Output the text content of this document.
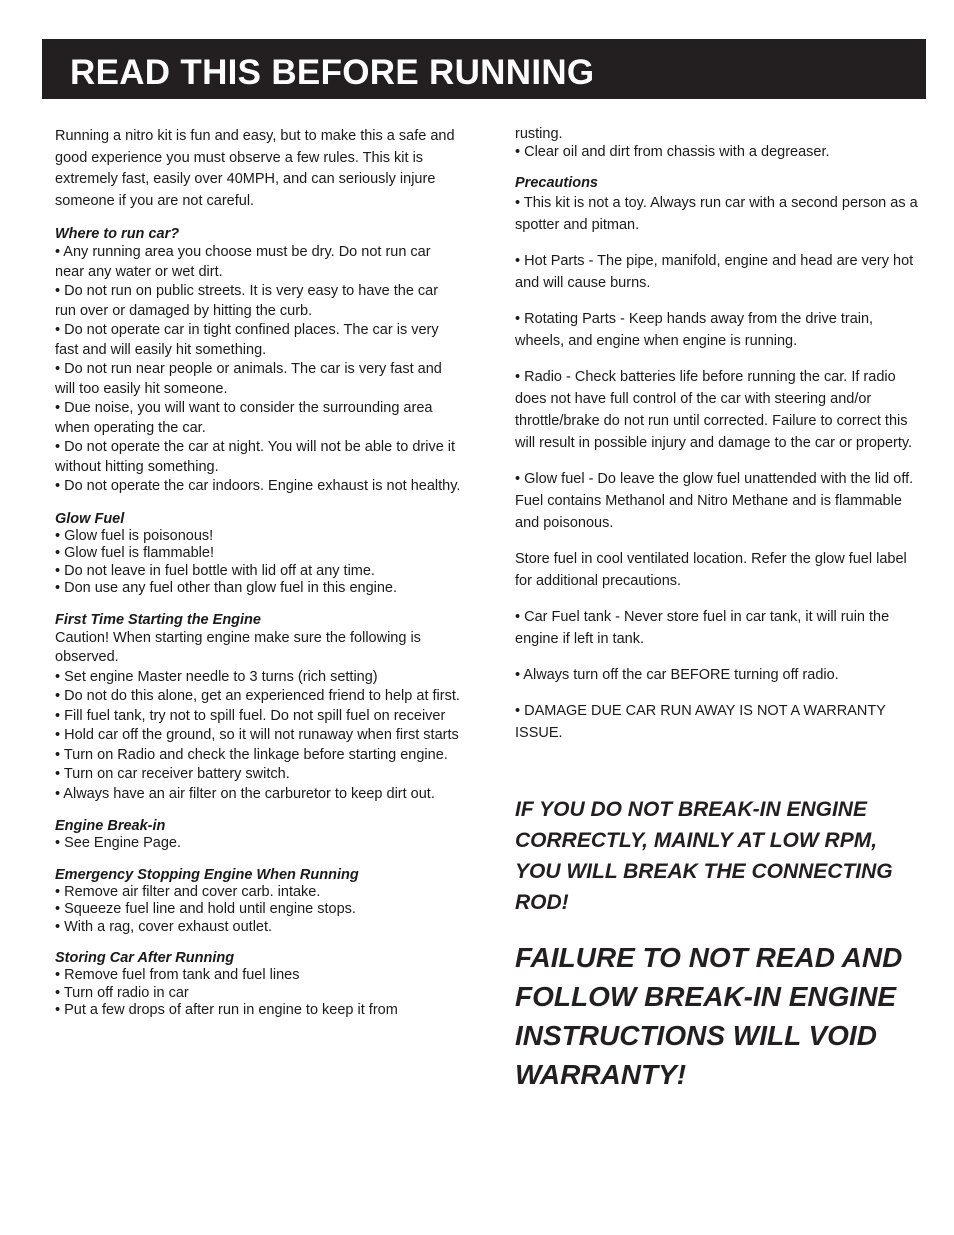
READ THIS BEFORE RUNNING

Running a nitro kit is fun and easy, but to make this a safe and good experience you must observe a few rules. This kit is extremely fast, easily over 40MPH, and can seriously injure someone if you are not careful.

Where to run car?

• Any running area you choose must be dry. Do not run car near any water or wet dirt.

• Do not run on public streets. It is very easy to have the car run over or damaged by hitting the curb.

• Do not operate car in tight confined places. The car is very fast and will easily hit something.

• Do not run near people or animals. The car is very fast and will too easily hit someone.

• Due noise, you will want to consider the surrounding area when operating the car.

• Do not operate the car at night. You will not be able to drive it without hitting something.

• Do not operate the car indoors. Engine exhaust is not healthy.

Glow Fuel

• Glow fuel is poisonous!

• Glow fuel is flammable!

• Do not leave in fuel bottle with lid off at any time.

• Don use any fuel other than glow fuel in this engine.

First Time Starting the Engine

Caution! When starting engine make sure the following is observed.

• Set engine Master needle to 3 turns (rich setting)

• Do not do this alone, get an experienced friend to help at first.

• Fill fuel tank, try not to spill fuel. Do not spill fuel on receiver

• Hold car off the ground, so it will not runaway when first starts

• Turn on Radio and check the linkage before starting engine.

• Turn on car receiver battery switch.

• Always have an air filter on the carburetor to keep dirt out.

Engine Break-in

• See Engine Page.

Emergency Stopping Engine When Running

• Remove air filter and cover carb. intake.

• Squeeze fuel line and hold until engine stops.

• With a rag, cover exhaust outlet.

Storing Car After Running

• Remove fuel from tank and fuel lines

• Turn off radio in car

• Put a few drops of after run in engine to keep it from

rusting.

• Clear oil and dirt from chassis with a degreaser.

Precautions

• This kit is not a toy. Always run car with a second person as a spotter and pitman.

• Hot Parts - The pipe, manifold, engine and head are very hot and will cause burns.

• Rotating Parts - Keep hands away from the drive train, wheels, and engine when engine is running.

• Radio - Check batteries life before running the car. If radio does not have full control of the car with steering and/or throttle/brake do not run until corrected. Failure to correct this will result in possible injury and damage to the car or property.

• Glow fuel - Do leave the glow fuel unattended with the lid off. Fuel contains Methanol and Nitro Methane and is flammable and poisonous.

Store fuel in cool ventilated location. Refer the glow fuel label for additional precautions.

• Car Fuel tank - Never store fuel in car tank, it will ruin the engine if left in tank.

• Always turn off the car BEFORE turning off radio.

• DAMAGE DUE CAR RUN AWAY IS NOT A WARRANTY ISSUE.

IF YOU DO NOT BREAK-IN ENGINE CORRECTLY, MAINLY AT LOW RPM, YOU WILL BREAK THE CONNECTING ROD!

FAILURE TO NOT READ AND FOLLOW BREAK-IN ENGINE INSTRUCTIONS WILL VOID WARRANTY!
